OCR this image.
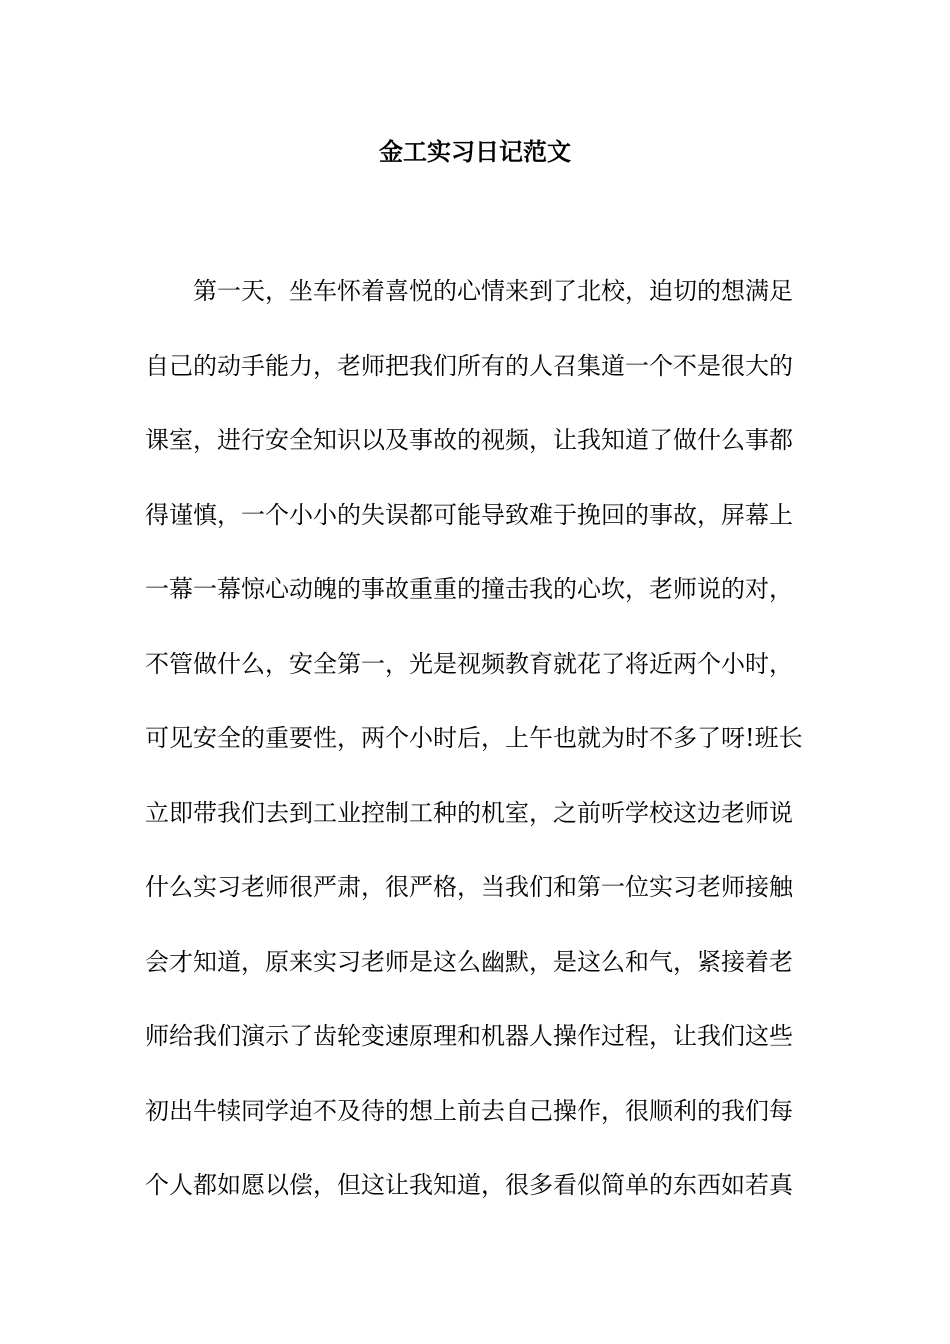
金工实习日记范文
　　第一天，坐车怀着喜悦的心情来到了北校，迫切的想满足
自己的动手能力，老师把我们所有的人召集道一个不是很大的
课室，进行安全知识以及事故的视频，让我知道了做什么事都
得谨慎，一个小小的失误都可能导致难于挽回的事故，屏幕上
一幕一幕惊心动魄的事故重重的撞击我的心坎，老师说的对，
不管做什么，安全第一，光是视频教育就花了将近两个小时，
可见安全的重要性，两个小时后，上午也就为时不多了呀!班长
立即带我们去到工业控制工种的机室，之前听学校这边老师说
什么实习老师很严肃，很严格，当我们和第一位实习老师接触
会才知道，原来实习老师是这么幽默，是这么和气，紧接着老
师给我们演示了齿轮变速原理和机器人操作过程，让我们这些
初出牛犊同学迫不及待的想上前去自己操作，很顺利的我们每
个人都如愿以偿，但这让我知道，很多看似简单的东西如若真
